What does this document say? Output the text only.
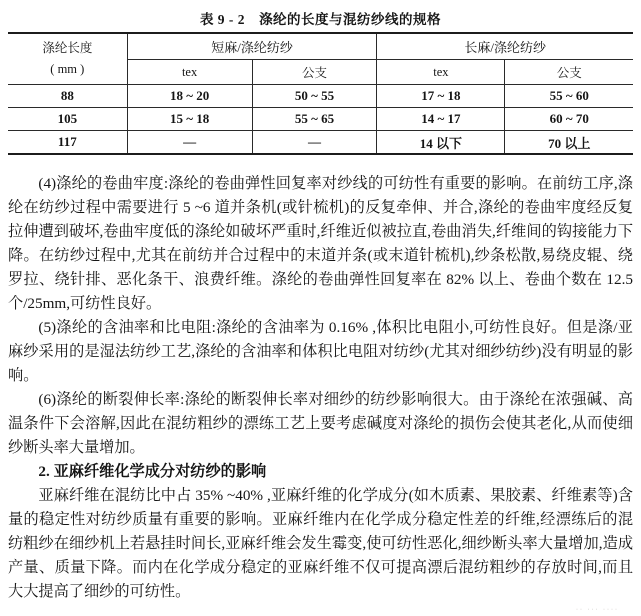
表 9 - 2 涤纶的长度与混纺纱线的规格
涤纶长度
( mm )	短麻/涤纶纺纱		长麻/涤纶纺纱	
	tex	公支	tex	公支
88	18 ~ 20	50 ~ 55	17 ~ 18	55 ~ 60
105	15 ~ 18	55 ~ 65	14 ~ 17	60 ~ 70
117	—	—	14 以下	70 以上

(4)涤纶的卷曲牢度:涤纶的卷曲弹性回复率对纱线的可纺性有重要的影响。在前纺工序,涤纶在纺纱过程中需要进行 5 ~6 道并条机(或针梳机)的反复牵伸、并合,涤纶的卷曲牢度经反复拉伸遭到破坏,卷曲牢度低的涤纶如破坏严重时,纤维近似被拉直,卷曲消失,纤维间的钩接能力下降。在纺纱过程中,尤其在前纺并合过程中的末道并条(或末道针梳机),纱条松散,易绕皮辊、绕罗拉、绕针排、恶化条干、浪费纤维。涤纶的卷曲弹性回复率在 82% 以上、卷曲个数在 12.5 个/25mm,可纺性良好。

(5)涤纶的含油率和比电阻:涤纶的含油率为 0.16% ,体积比电阻小,可纺性良好。但是涤/亚麻纱采用的是湿法纺纱工艺,涤纶的含油率和体积比电阻对纺纱(尤其对细纱纺纱)没有明显的影响。

(6)涤纶的断裂伸长率:涤纶的断裂伸长率对细纱的纺纱影响很大。由于涤纶在浓强碱、高温条件下会溶解,因此在混纺粗纱的漂练工艺上要考虑碱度对涤纶的损伤会使其老化,从而使细纱断头率大量增加。

2. 亚麻纤维化学成分对纺纱的影响

亚麻纤维在混纺比中占 35% ~40% ,亚麻纤维的化学成分(如木质素、果胶素、纤维素等)含量的稳定性对纺纱质量有重要的影响。亚麻纤维内在化学成分稳定性差的纤维,经漂练后的混纺粗纱在细纱机上若悬挂时间长,亚麻纤维会发生霉变,使可纺性恶化,细纱断头率大量增加,造成产量、质量下降。而内在化学成分稳定的亚麻纤维不仅可提高漂后混纺粗纱的存放时间,而且大大提高了细纱的可纺性。

·· ··· ····
